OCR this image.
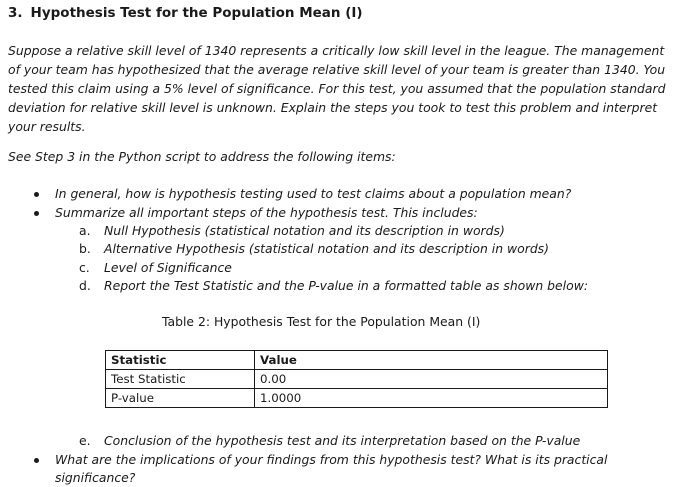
3. Hypothesis Test for the Population Mean (I)

Suppose a relative skill level of 1340 represents a critically low skill level in the league. The management
of your team has hypothesized that the average relative skill level of your team is greater than 1340. You
tested this claim using a 5% level of significance. For this test, you assumed that the population standard
deviation for relative skill level is unknown. Explain the steps you took to test this problem and interpret
your results.

See Step 3 in the Python script to address the following items:
In general, how is hypothesis testing used to test claims about a population mean?
Summarize all important steps of the hypothesis test. This includes:
a. Null Hypothesis (statistical notation and its description in words)
b. Alternative Hypothesis (statistical notation and its description in words)
c. Level of Significance
d. Report the Test Statistic and the P-value in a formatted table as shown below:
Table 2: Hypothesis Test for the Population Mean (I)
Statistic	Value
Test Statistic	0.00
P-value	1.0000
e. Conclusion of the hypothesis test and its interpretation based on the P-value
What are the implications of your findings from this hypothesis test? What is its practical
significance?
